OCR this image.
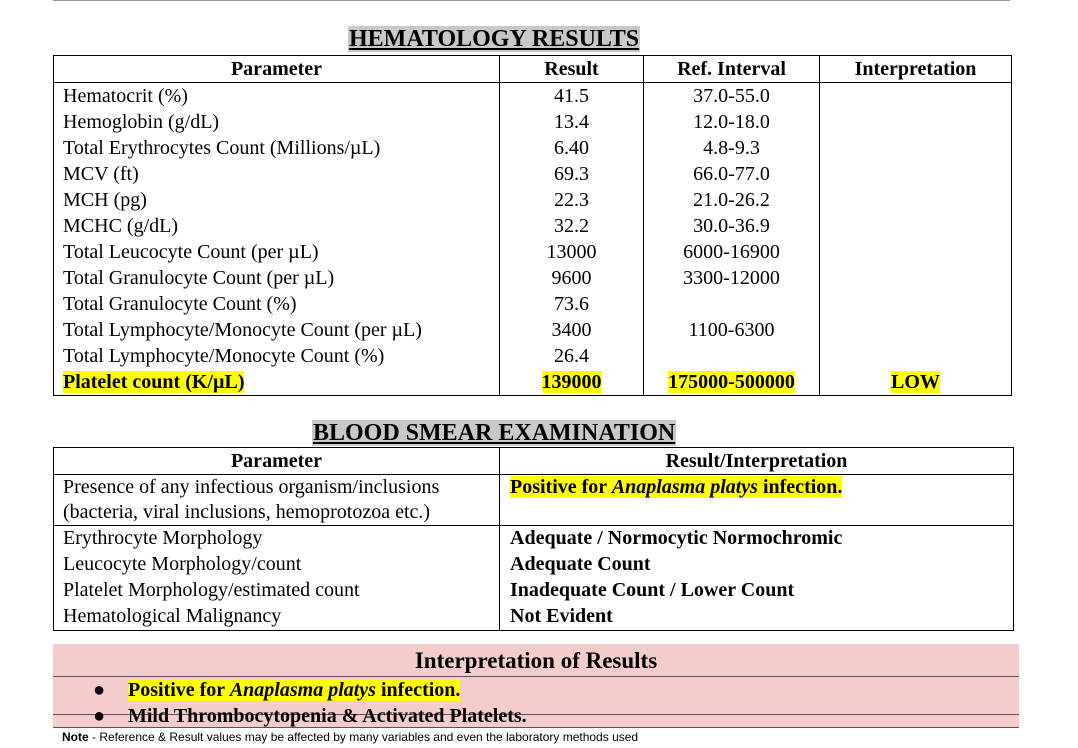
HEMATOLOGY RESULTS
Parameter	Result	Ref. Interval	Interpretation
Hematocrit (%)	41.5	37.0-55.0	
Hemoglobin (g/dL)	13.4	12.0-18.0	
Total Erythrocytes Count (Millions/µL)	6.40	4.8-9.3	
MCV (ft)	69.3	66.0-77.0	
MCH (pg)	22.3	21.0-26.2	
MCHC (g/dL)	32.2	30.0-36.9	
Total Leucocyte Count (per µL)	13000	6000-16900	
Total Granulocyte Count (per µL)	9600	3300-12000	
Total Granulocyte Count (%)	73.6		
Total Lymphocyte/Monocyte Count (per µL)	3400	1100-6300	
Total Lymphocyte/Monocyte Count (%)	26.4		
Platelet count (K/µL)	139000	175000-500000	LOW
BLOOD SMEAR EXAMINATION
Parameter	Result/Interpretation

Presence of any infectious organism/inclusions
(bacteria, viral inclusions, hemoprotozoa etc.)	Positive for Anaplasma platys infection.
Erythrocyte Morphology	Adequate / Normocytic Normochromic
Leucocyte Morphology/count	Adequate Count
Platelet Morphology/estimated count	Inadequate Count / Lower Count
Hematological Malignancy	Not Evident
Interpretation of Results
● Positive for Anaplasma platys infection.
● Mild Thrombocytopenia & Activated Platelets.
Note - Reference & Result values may be affected by many variables and even the laboratory methods used
